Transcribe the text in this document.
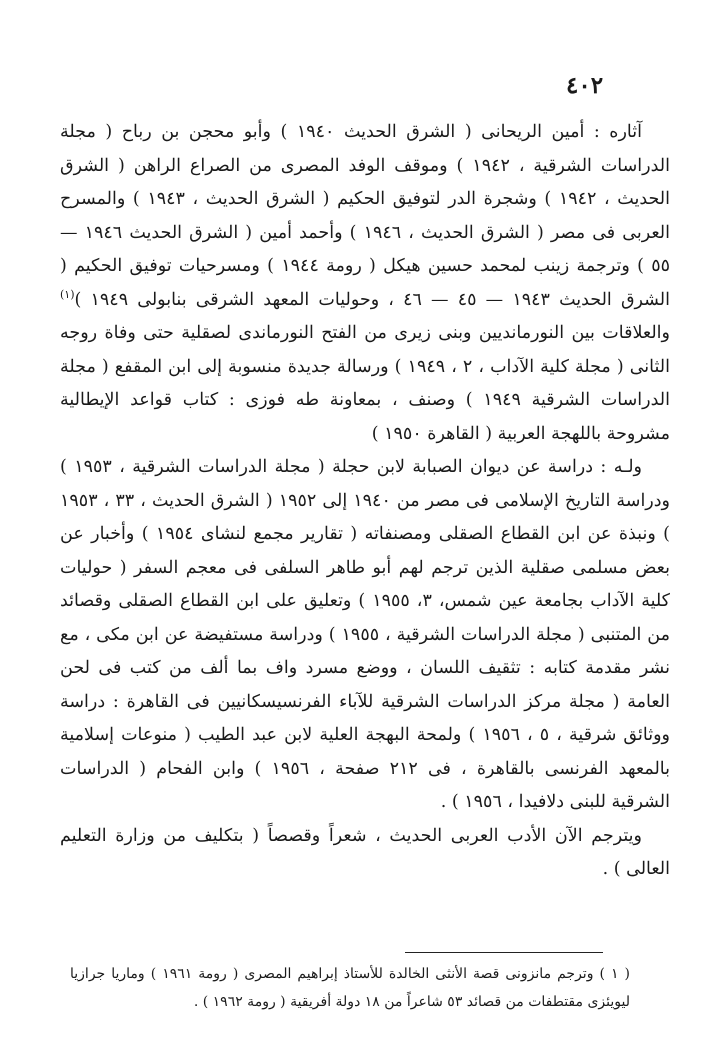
٤٠٢

آثاره : أمين الريحانى ( الشرق الحديث ١٩٤٠ ) وأبو محجن بن رباح ( مجلة الدراسات الشرقية ، ١٩٤٢ ) وموقف الوفد المصرى من الصراع الراهن ( الشرق الحديث ، ١٩٤٢ ) وشجرة الدر لتوفيق الحكيم ( الشرق الحديث ، ١٩٤٣ ) والمسرح العربى فى مصر ( الشرق الحديث ، ١٩٤٦ ) وأحمد أمين ( الشرق الحديث ١٩٤٦ — ٥٥ ) وترجمة زينب لمحمد حسين هيكل ( رومة ١٩٤٤ ) ومسرحيات توفيق الحكيم ( الشرق الحديث ١٩٤٣ — ٤٥ — ٤٦ ، وحوليات المعهد الشرقى بنابولى ١٩٤٩ )$^{(١)}$ والعلاقات بين النورمانديين وبنى زيرى من الفتح النورماندى لصقلية حتى وفاة روجه الثانى ( مجلة كلية الآداب ، ٢ ، ١٩٤٩ ) ورسالة جديدة منسوبة إلى ابن المقفع ( مجلة الدراسات الشرقية ١٩٤٩ ) وصنف ، بمعاونة طه فوزى : كتاب قواعد الإيطالية مشروحة باللهجة العربية ( القاهرة ١٩٥٠ )

ولـه : دراسة عن ديوان الصبابة لابن حجلة ( مجلة الدراسات الشرقية ، ١٩٥٣ ) ودراسة التاريخ الإسلامى فى مصر من ١٩٤٠ إلى ١٩٥٢ ( الشرق الحديث ، ٣٣ ، ١٩٥٣ ) ونبذة عن ابن القطاع الصقلى ومصنفاته ( تقارير مجمع لنشاى ١٩٥٤ ) وأخبار عن بعض مسلمى صقلية الذين ترجم لهم أبو طاهر السلفى فى معجم السفر ( حوليات كلية الآداب بجامعة عين شمس، ٣، ١٩٥٥ ) وتعليق على ابن القطاع الصقلى وقصائد من المتنبى ( مجلة الدراسات الشرقية ، ١٩٥٥ ) ودراسة مستفيضة عن ابن مكى ، مع نشر مقدمة كتابه : تثقيف اللسان ، ووضع مسرد واف بما ألف من كتب فى لحن العامة ( مجلة مركز الدراسات الشرقية للآباء الفرنسيسكانيين فى القاهرة : دراسة ووثائق شرقية ، ٥ ، ١٩٥٦ ) ولمحة البهجة العلية لابن عبد الطيب ( منوعات إسلامية بالمعهد الفرنسى بالقاهرة ، فى ٢١٢ صفحة ، ١٩٥٦ ) وابن الفحام ( الدراسات الشرقية للبنى دلافيدا ، ١٩٥٦ ) .

ويترجم الآن الأدب العربى الحديث ، شعراً وقصصاً ( بتكليف من وزارة التعليم العالى ) .

( ١ ) وترجم مانزونى قصة الأنثى الخالدة للأستاذ إبراهيم المصرى ( رومة ١٩٦١ ) وماريا جرازيا ليويئزى مقتطفات من قصائد ٥٣ شاعراً من ١٨ دولة أفريقية ( رومة ١٩٦٢ ) .
